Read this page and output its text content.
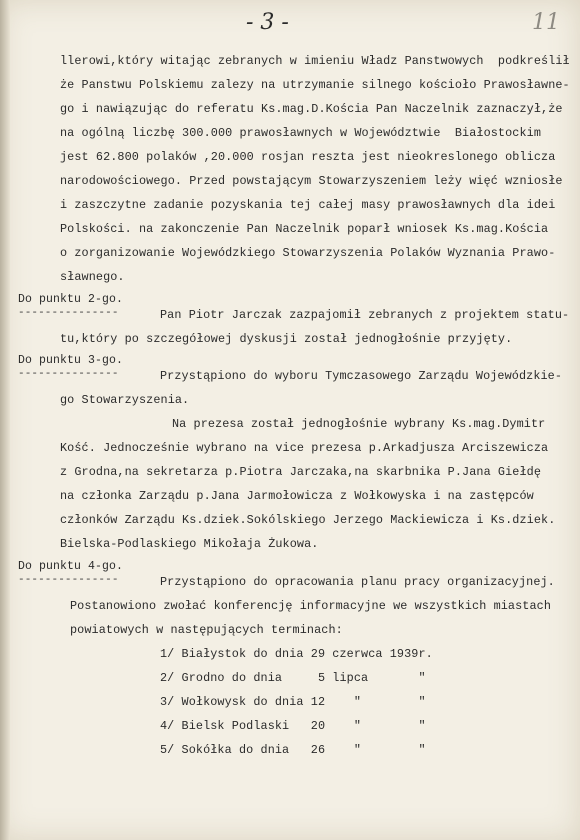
- 3 -	11
llerowi,który witając zebranych w imieniu Władz Panstwowych  podkreślił
że Panstwu Polskiemu zalezy na utrzymanie silnego kościoło Prawosławne-
go i nawiązując do referatu Ks.mag.D.Kościa Pan Naczelnik zaznaczył,że
na ogólną liczbę 300.000 prawosławnych w Województwie  Białostockim
jest 62.800 polaków ,20.000 rosjan reszta jest nieokreslonego oblicza
narodowościowego. Przed powstającym Stowarzyszeniem leży więć wzniosłe
i zaszczytne zadanie pozyskania tej całej masy prawosławnych dla idei
Polskości. na zakonczenie Pan Naczelnik poparł wniosek Ks.mag.Kościa
o zorganizowanie Wojewódzkiego Stowarzyszenia Polaków Wyznania Prawo-
sławnego.
Do punktu 2-go.
---------------	Pan Piotr Jarczak zazpajomił zebranych z projektem statu-
tu,który po szczegółowej dyskusji został jednogłośnie przyjęty.
Do punktu 3-go.
---------------	Przystąpiono do wyboru Tymczasowego Zarządu Wojewódzkie-
go Stowarzyszenia.
Na prezesa został jednogłośnie wybrany Ks.mag.Dymitr
Kość. Jednocześnie wybrano na vice prezesa p.Arkadjusza Arciszewicza
z Grodna,na sekretarza p.Piotra Jarczaka,na skarbnika P.Jana Giełdę
na członka Zarządu p.Jana Jarmołowicza z Wołkowyska i na zastępców
członków Zarządu Ks.dziek.Sokólskiego Jerzego Mackiewicza i Ks.dziek.
Bielska-Podlaskiego Mikołaja Żukowa.
Do punktu 4-go.
---------------	Przystąpiono do opracowania planu pracy organizacyjnej.
Postanowiono zwołać konferencję informacyjne we wszystkich miastach
powiatowych w następujących terminach:
1/ Białystok do dnia 29 czerwca 1939r.
2/ Grodno do dnia     5 lipca       "
3/ Wołkowysk do dnia 12    "        "
4/ Bielsk Podlaski   20    "        "
5/ Sokółka do dnia   26    "        "
